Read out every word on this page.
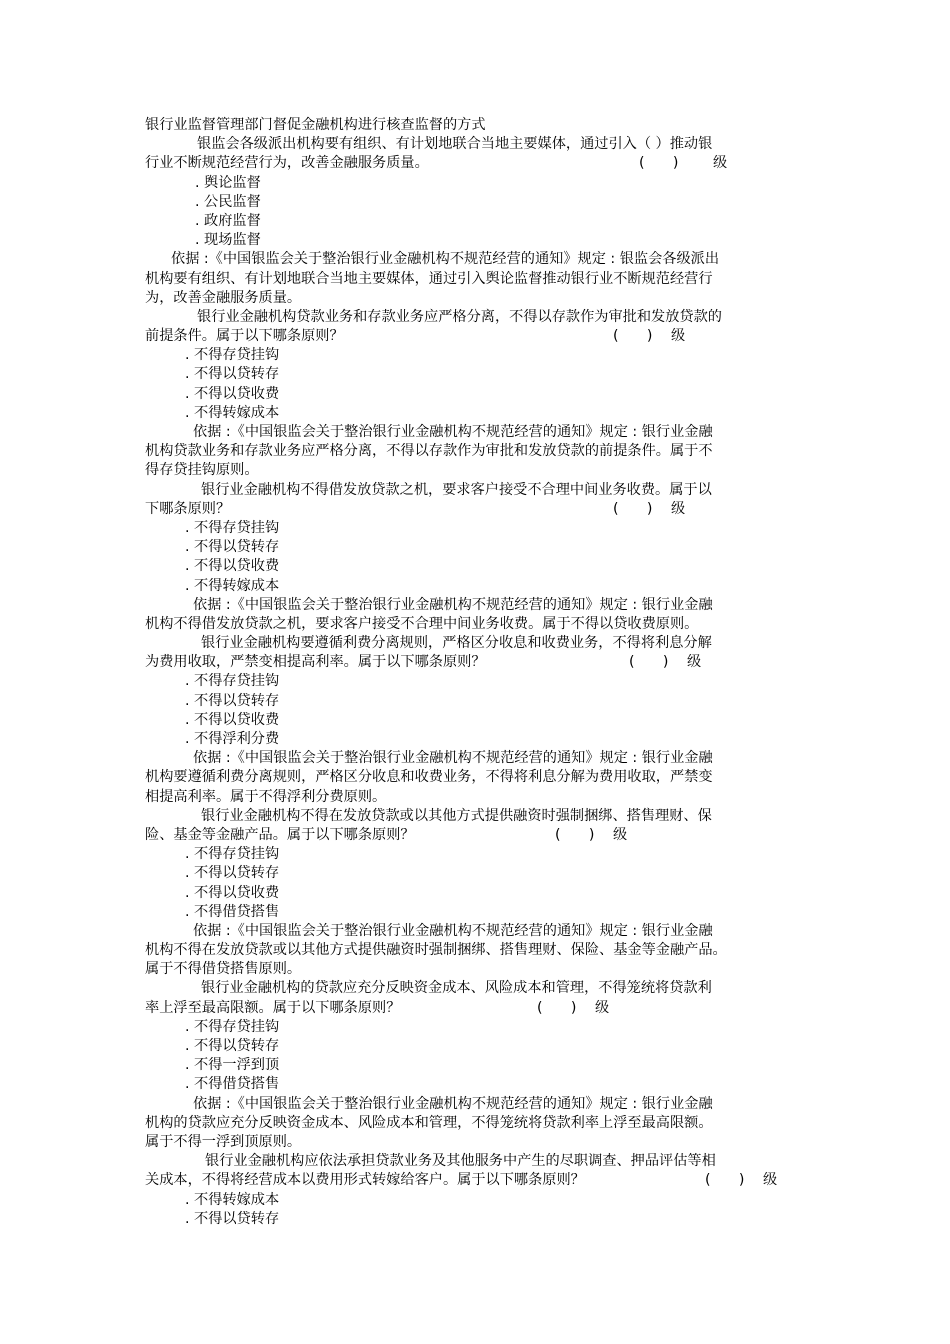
银行业监督管理部门督促金融机构进行核查监督的方式
银监会各级派出机构要有组织、有计划地联合当地主要媒体，通过引入（ ）推动银
行业不断规范经营行为，改善金融服务质量。	(　　) 级
. 舆论监督
. 公民监督
. 政府监督
. 现场监督
依据 :《中国银监会关于整治银行业金融机构不规范经营的通知》规定 : 银监会各级派出
机构要有组织、有计划地联合当地主要媒体，通过引入舆论监督推动银行业不断规范经营行
为，改善金融服务质量。
银行业金融机构贷款业务和存款业务应严格分离，不得以存款作为审批和发放贷款的
前提条件。属于以下哪条原则？	(　　) 级
. 不得存贷挂钩
. 不得以贷转存
. 不得以贷收费
. 不得转嫁成本
依据 :《中国银监会关于整治银行业金融机构不规范经营的通知》规定 : 银行业金融
机构贷款业务和存款业务应严格分离，不得以存款作为审批和发放贷款的前提条件。属于不
得存贷挂钩原则。
银行业金融机构不得借发放贷款之机，要求客户接受不合理中间业务收费。属于以
下哪条原则？	(　　) 级
. 不得存贷挂钩
. 不得以贷转存
. 不得以贷收费
. 不得转嫁成本
依据 :《中国银监会关于整治银行业金融机构不规范经营的通知》规定 : 银行业金融
机构不得借发放贷款之机，要求客户接受不合理中间业务收费。属于不得以贷收费原则。
银行业金融机构要遵循利费分离规则，严格区分收息和收费业务，不得将利息分解
为费用收取，严禁变相提高利率。属于以下哪条原则？	(　　) 级
. 不得存贷挂钩
. 不得以贷转存
. 不得以贷收费
. 不得浮利分费
依据 :《中国银监会关于整治银行业金融机构不规范经营的通知》规定 : 银行业金融
机构要遵循利费分离规则，严格区分收息和收费业务，不得将利息分解为费用收取，严禁变
相提高利率。属于不得浮利分费原则。
银行业金融机构不得在发放贷款或以其他方式提供融资时强制捆绑、搭售理财、保
险、基金等金融产品。属于以下哪条原则？	(　　) 级
. 不得存贷挂钩
. 不得以贷转存
. 不得以贷收费
. 不得借贷搭售
依据 :《中国银监会关于整治银行业金融机构不规范经营的通知》规定 : 银行业金融
机构不得在发放贷款或以其他方式提供融资时强制捆绑、搭售理财、保险、基金等金融产品。
属于不得借贷搭售原则。
银行业金融机构的贷款应充分反映资金成本、风险成本和管理，不得笼统将贷款利
率上浮至最高限额。属于以下哪条原则？	(　　) 级
. 不得存贷挂钩
. 不得以贷转存
. 不得一浮到顶
. 不得借贷搭售
依据 :《中国银监会关于整治银行业金融机构不规范经营的通知》规定 : 银行业金融
机构的贷款应充分反映资金成本、风险成本和管理，不得笼统将贷款利率上浮至最高限额。
属于不得一浮到顶原则。
银行业金融机构应依法承担贷款业务及其他服务中产生的尽职调查、押品评估等相
关成本，不得将经营成本以费用形式转嫁给客户。属于以下哪条原则？	(　　) 级
. 不得转嫁成本
. 不得以贷转存
